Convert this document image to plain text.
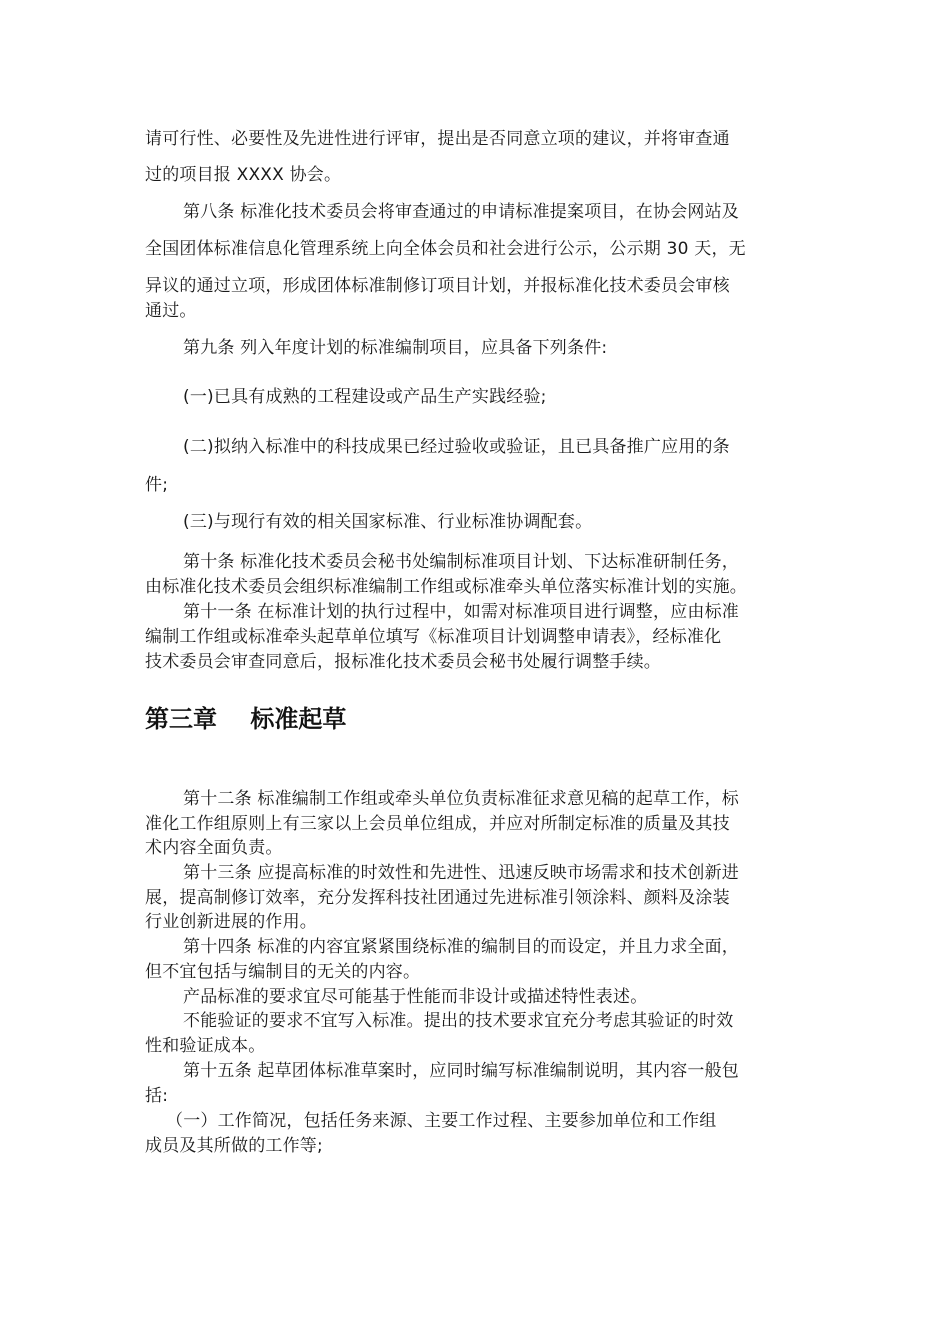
请可行性、必要性及先进性进行评审，提出是否同意立项的建议，并将审查通
过的项目报 XXXX 协会。
第八条 标准化技术委员会将审查通过的申请标准提案项目，在协会网站及
全国团体标准信息化管理系统上向全体会员和社会进行公示，公示期 30 天，无
异议的通过立项，形成团体标准制修订项目计划，并报标准化技术委员会审核
通过。
第九条 列入年度计划的标准编制项目，应具备下列条件:
(一)已具有成熟的工程建设或产品生产实践经验;
(二)拟纳入标准中的科技成果已经过验收或验证，且已具备推广应用的条
件;
(三)与现行有效的相关国家标准、行业标准协调配套。
第十条 标准化技术委员会秘书处编制标准项目计划、下达标准研制任务，
由标准化技术委员会组织标准编制工作组或标准牵头单位落实标准计划的实施。
第十一条 在标准计划的执行过程中，如需对标准项目进行调整，应由标准
编制工作组或标准牵头起草单位填写《标准项目计划调整申请表》，经标准化
技术委员会审查同意后，报标准化技术委员会秘书处履行调整手续。
第三章    标准起草
第十二条 标准编制工作组或牵头单位负责标准征求意见稿的起草工作，标
准化工作组原则上有三家以上会员单位组成，并应对所制定标准的质量及其技
术内容全面负责。
第十三条 应提高标准的时效性和先进性、迅速反映市场需求和技术创新进
展，提高制修订效率，充分发挥科技社团通过先进标准引领涂料、颜料及涂装
行业创新进展的作用。
第十四条 标准的内容宜紧紧围绕标准的编制目的而设定，并且力求全面，
但不宜包括与编制目的无关的内容。
产品标准的要求宜尽可能基于性能而非设计或描述特性表述。
不能验证的要求不宜写入标准。提出的技术要求宜充分考虑其验证的时效
性和验证成本。
第十五条 起草团体标准草案时，应同时编写标准编制说明，其内容一般包
括:
（一）工作简况，包括任务来源、主要工作过程、主要参加单位和工作组
成员及其所做的工作等;
